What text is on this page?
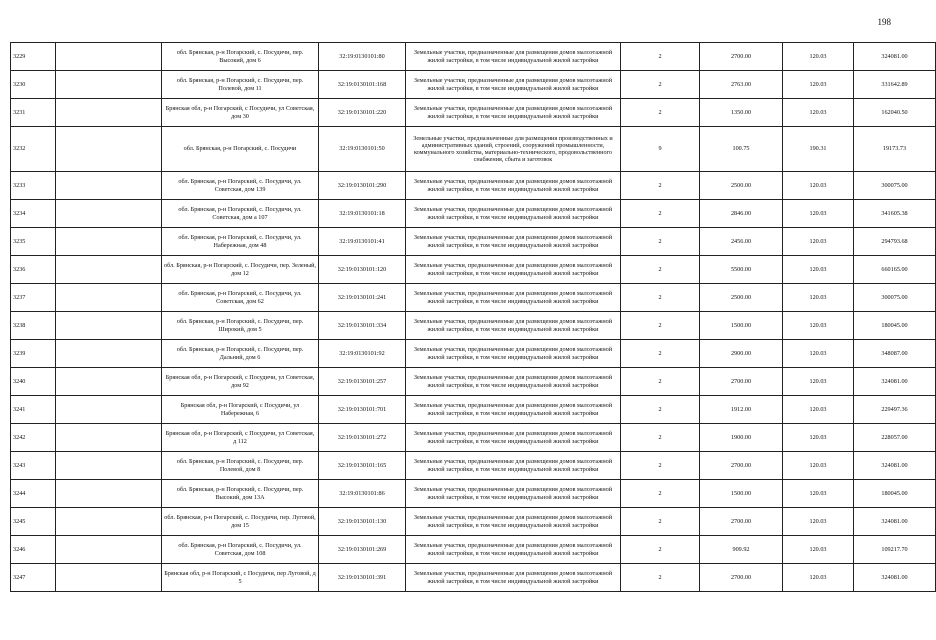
198
3229		обл. Брянская, р-н Погарский, с. Посудичи, пер. Высокий, дом 6	32:19:0130101:80	Земельные участки, предназначенные для размещения домов малоэтажной жилой застройки, в том числе индивидуальной жилой застройки	2	2700.00	120.03	324081.00
3230		обл. Брянская, р-н Погарский, с. Посудичи, пер. Полевой, дом 11	32:19:0130101:168	Земельные участки, предназначенные для размещения домов малоэтажной жилой застройки, в том числе индивидуальной жилой застройки	2	2763.00	120.03	331642.89
3231		Брянская обл, р-н Погарский, с Посудичи, ул Советская, дом 30	32:19:0130101:220	Земельные участки, предназначенные для размещения домов малоэтажной жилой застройки, в том числе индивидуальной жилой застройки	2	1350.00	120.03	162040.50
3232		обл. Брянская, р-н Погарский, с. Посудичи	32:19:0130101:50	Земельные участки, предназначенные для размещения производственных и административных зданий, строений, сооружений промышленности, коммунального хозяйства, материально-технического, продовольственного снабжения, сбыта и заготовок	9	100.75	190.31	19173.73
3233		обл. Брянская, р-н Погарский, с. Посудичи, ул. Советская, дом 139	32:19:0130101:290	Земельные участки, предназначенные для размещения домов малоэтажной жилой застройки, в том числе индивидуальной жилой застройки	2	2500.00	120.03	300075.00
3234		обл. Брянская, р-н Погарский, с. Посудичи, ул. Советская, дом а 107	32:19:0130101:18	Земельные участки, предназначенные для размещения домов малоэтажной жилой застройки, в том числе индивидуальной жилой застройки	2	2846.00	120.03	341605.38
3235		обл. Брянская, р-н Погарский, с. Посудичи, ул. Набережная, дом 48	32:19:0130101:41	Земельные участки, предназначенные для размещения домов малоэтажной жилой застройки, в том числе индивидуальной жилой застройки	2	2456.00	120.03	294793.68
3236		обл. Брянская, р-н Погарский, с. Посудичи, пер. Зеленый, дом 12	32:19:0130101:120	Земельные участки, предназначенные для размещения домов малоэтажной жилой застройки, в том числе индивидуальной жилой застройки	2	5500.00	120.03	660165.00
3237		обл. Брянская, р-н Погарский, с. Посудичи, ул. Советская, дом 62	32:19:0130101:241	Земельные участки, предназначенные для размещения домов малоэтажной жилой застройки, в том числе индивидуальной жилой застройки	2	2500.00	120.03	300075.00
3238		обл. Брянская, р-н Погарский, с. Посудичи, пер. Широкий, дом 5	32:19:0130101:334	Земельные участки, предназначенные для размещения домов малоэтажной жилой застройки, в том числе индивидуальной жилой застройки	2	1500.00	120.03	180045.00
3239		обл. Брянская, р-н Погарский, с. Посудичи, пер. Дальний, дом 6	32:19:0130101:92	Земельные участки, предназначенные для размещения домов малоэтажной жилой застройки, в том числе индивидуальной жилой застройки	2	2900.00	120.03	348087.00
3240		Брянская обл, р-н Погарский, с Посудичи, ул Советская, дом 92	32:19:0130101:257	Земельные участки, предназначенные для размещения домов малоэтажной жилой застройки, в том числе индивидуальной жилой застройки	2	2700.00	120.03	324081.00
3241		Брянская обл, р-н Погарский, с Посудичи, ул Набережная, 6	32:19:0130101:701	Земельные участки, предназначенные для размещения домов малоэтажной жилой застройки, в том числе индивидуальной жилой застройки	2	1912.00	120.03	229497.36
3242		Брянская обл, р-н Погарский, с Посудичи, ул Советская, д 112	32:19:0130101:272	Земельные участки, предназначенные для размещения домов малоэтажной жилой застройки, в том числе индивидуальной жилой застройки	2	1900.00	120.03	228057.00
3243		обл. Брянская, р-н Погарский, с. Посудичи, пер. Полевой, дом 8	32:19:0130101:165	Земельные участки, предназначенные для размещения домов малоэтажной жилой застройки, в том числе индивидуальной жилой застройки	2	2700.00	120.03	324081.00
3244		обл. Брянская, р-н Погарский, с. Посудичи, пер. Высокий, дом 13А	32:19:0130101:86	Земельные участки, предназначенные для размещения домов малоэтажной жилой застройки, в том числе индивидуальной жилой застройки	2	1500.00	120.03	180045.00
3245		обл. Брянская, р-н Погарский, с. Посудичи, пер. Луговой, дом 15	32:19:0130101:130	Земельные участки, предназначенные для размещения домов малоэтажной жилой застройки, в том числе индивидуальной жилой застройки	2	2700.00	120.03	324081.00
3246		обл. Брянская, р-н Погарский, с. Посудичи, ул. Советская, дом 108	32:19:0130101:269	Земельные участки, предназначенные для размещения домов малоэтажной жилой застройки, в том числе индивидуальной жилой застройки	2	909.92	120.03	109217.70
3247		Брянская обл, р-н Погарский, с Посудичи, пер Луговой, д 5	32:19:0130101:391	Земельные участки, предназначенные для размещения домов малоэтажной жилой застройки, в том числе индивидуальной жилой застройки	2	2700.00	120.03	324081.00
